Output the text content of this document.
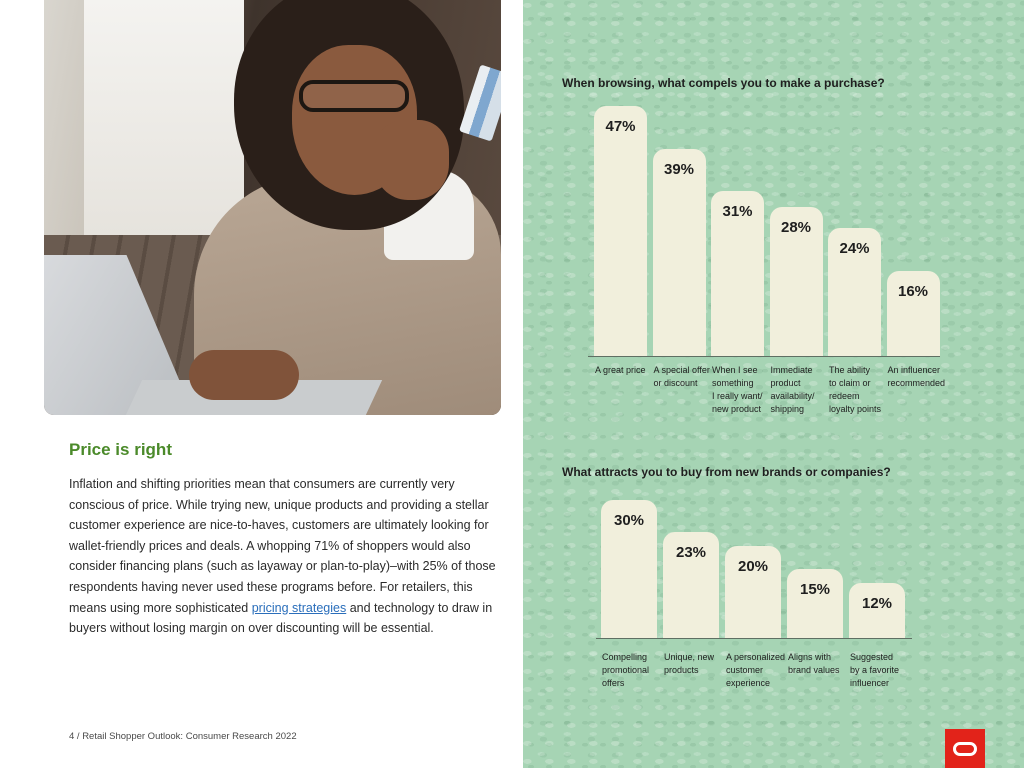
Price is right

Inflation and shifting priorities mean that consumers are currently very conscious of price. While trying new, unique products and providing a stellar customer experience are nice-to-haves, customers are ultimately looking for wallet-friendly prices and deals. A whopping 71% of shoppers would also consider financing plans (such as layaway or plan-to-play)–with 25% of those respondents having never used these programs before. For retailers, this means using more sophisticated pricing strategies and technology to draw in buyers without losing margin on over discounting will be essential.

4 / Retail Shopper Outlook: Consumer Research 2022
When browsing, what compels you to make a purchase?
What attracts you to buy from new brands or companies?
47%
A great price
39%
A special offer
or discount
31%
When I see
something
I really want/
new product
28%
Immediate
product
availability/
shipping
24%
The ability
to claim or
redeem
loyalty points
16%
An influencer
recommended
30%
Compelling
promotional
offers
23%
Unique, new
products
20%
A personalized
customer
experience
15%
Aligns with
brand values
12%
Suggested
by a favorite
influencer
